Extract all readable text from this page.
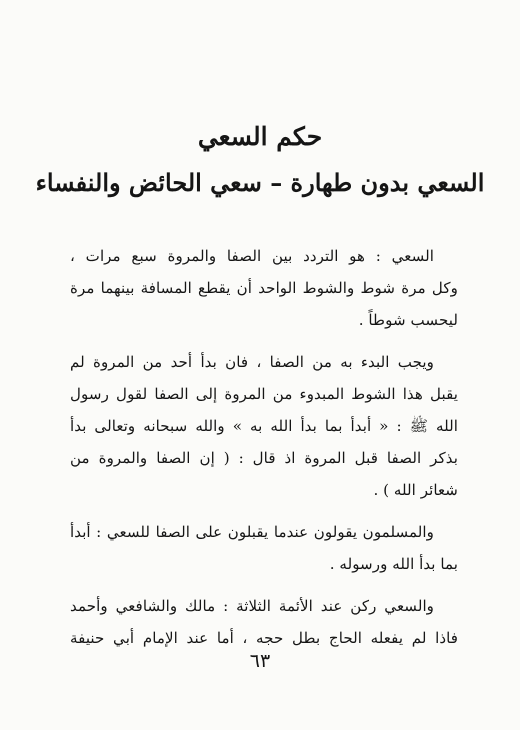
حكم السعي
السعي بدون طهارة – سعي الحائض والنفساء
السعي : هو التردد بين الصفا والمروة سبع مرات ،
وكل مرة شوط والشوط الواحد أن يقطع المسافة بينهما مرة
ليحسب شوطاً .
ويجب البدء به من الصفا ، فان بدأ أحد من المروة لم
يقبل هذا الشوط المبدوء من المروة إلى الصفا لقول رسول
الله ﷺ : « أبدأ بما بدأ الله به » والله سبحانه وتعالى بدأ
بذكر الصفا قبل المروة اذ قال : ( إن الصفا والمروة من
شعائر الله ) .
والمسلمون يقولون عندما يقبلون على الصفا للسعي : أبدأ
بما بدأ الله ورسوله .
والسعي ركن عند الأئمة الثلاثة : مالك والشافعي وأحمد
فاذا لم يفعله الحاج بطل حجه ، أما عند الإمام أبي حنيفة
٦٣
